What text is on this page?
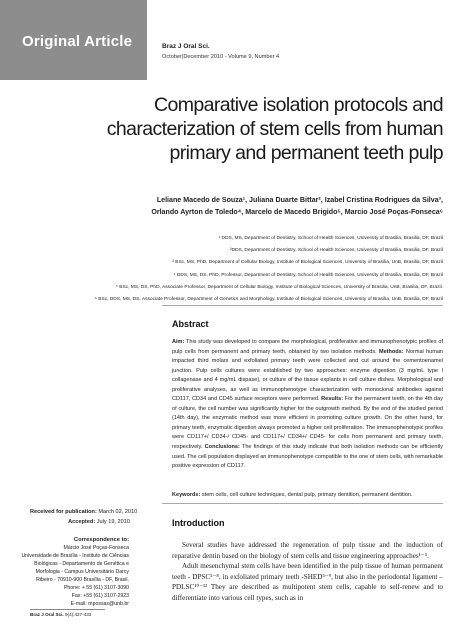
Original Article	Braz J Oral Sci.
October|December 2010 - Volume 9, Number 4
Comparative isolation protocols and
characterization of stem cells from human
primary and permanent teeth pulp
Leliane Macedo de Souza¹, Juliana Duarte Bittar², Izabel Cristina Rodrigues da Silva³,
Orlando Ayrton de Toledo⁴, Marcelo de Macedo Brigido⁵, Marcio José Poças-Fonseca⁶
¹ DDS, MS, Department of Dentistry, School of Health Sciences, University of Brasilia, Brasilia, DF, Brazil
²DDS, Department of Dentistry, School of Health Sciences, University of Brasilia, Brasilia, DF, Brazil
³ BSc, MS, PhD, Department of Cellular Biology, Institute of Biological Sciences, University of Brasilia, UnB, Brasilia, DF, Brazil
⁴ DDS, MS, DS, PhD, Professor, Department of Dentistry, School of Health Sciences, University of Brasilia, Brasilia, DF, Brazil
⁵ BSc, MS, DS, PhD, Associate Professor, Department of Cellular Biology, Institute of Biological Sciences, University of Brasilia, UnB, Brasilia, DF, Brazil.
⁶ BSc, DDS, MS, DS, Associate Professor, Department of Genetics and Morphology, Institute of Biological Sciences, University of Brasilia, UnB, Brasilia, DF, Brazil
Abstract
Aim: This study was developed to compare the morphological, proliferative and immunophenotypic profiles of pulp cells from permanent and primary teeth, obtained by two isolation methods. Methods: Normal human impacted third molars and exfoliated primary teeth were collected and cut around the cementoenamel junction. Pulp cells cultures were established by two approaches: enzyme digestion (3 mg/mL type I collagenase and 4 mg/mL dispase), or culture of the tissue explants in cell culture dishes. Morphological and proliferative analyses, as well as immunophenotype characterization with monoclonal antibodies against CD117, CD34 and CD45 surface receptors were performed. Results: For the permanent teeth, on the 4th day of culture, the cell number was significantly higher for the outgrowth method. By the end of the studied period (14th day), the enzymatic method was more efficient in promoting culture growth. On the other hand, for primary teeth, enzymatic digestion always promoted a higher cell proliferation. The immunophenotypic profiles were CD117+/ CD34-/ CD45- and CD117+/ CD34+/ CD45- for cells from permanent and primary teeth, respectively. Conclusions: The findings of this study indicate that both isolation methods can be efficiently used. The cell population displayed an immunophenotype compatible to the one of stem cells, with remarkable positive expression of CD117.
Keywords: stem cells, cell culture techniques, dental pulp, primary dentition, permanent dentition.
Received for publication: March 02, 2010
Accepted: July 19, 2010
Correspondence to:
Márcio José Poças-Fonseca
Universidade de Brasília - Instituto de Ciências
Biológicas - Departamento de Genética e
Morfologia - Campus Universitário Darcy
Ribeiro - 70910-900 Brasília - DF, Brasil.
Phone: + 55 (61) 3107-3090
Fax: +55 (61) 3107-2923
E-mail: mpossas@unb.br
Introduction

Several studies have addressed the regeneration of pulp tissue and the induction of reparative dentin based on the biology of stem cells and tissue engineering approaches¹⁻⁵.

Adult mesenchymal stem cells have been identified in the pulp tissue of human permanent teeth - DPSC⁵⁻⁸, in exfoliated primary teeth -SHED⁵⁻⁹, but also in the periodontal ligament – PDLSC¹⁰⁻¹² They are described as multipotent stem cells, capable to self-renew and to differentiate into various cell types, such as in

Braz J Oral Sci. 9(4):427-433
